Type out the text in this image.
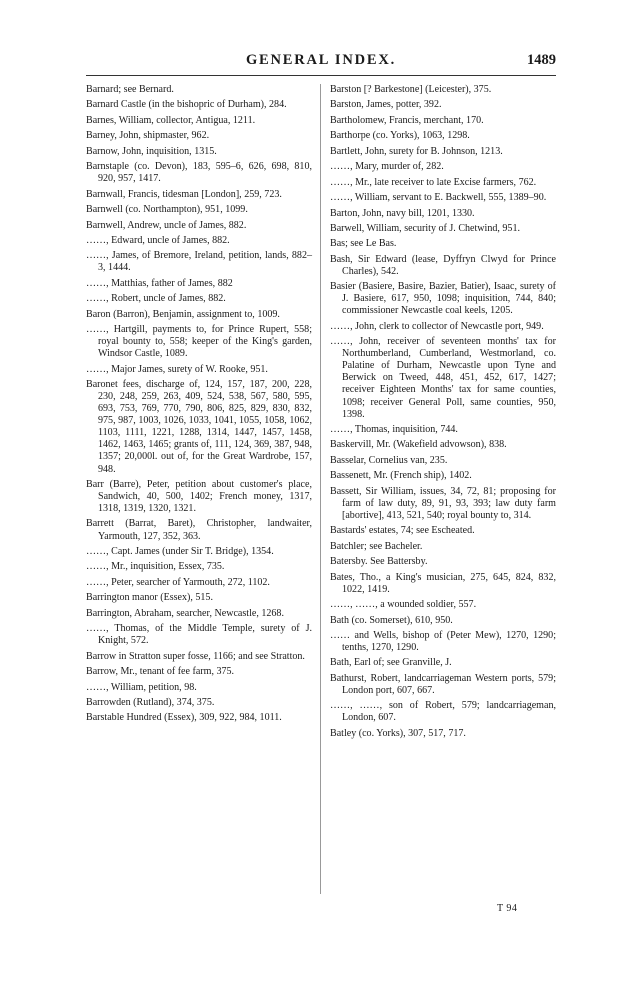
GENERAL INDEX.	1489
Barnard; see Bernard.
Barnard Castle (in the bishopric of Durham), 284.
Barnes, William, collector, Antigua, 1211.
Barney, John, shipmaster, 962.
Barnow, John, inquisition, 1315.
Barnstaple (co. Devon), 183, 595–6, 626, 698, 810, 920, 957, 1417.
Barnwall, Francis, tidesman [London], 259, 723.
Barnwell (co. Northampton), 951, 1099.
Barnwell, Andrew, uncle of James, 882.
……, Edward, uncle of James, 882.
……, James, of Bremore, Ireland, petition, lands, 882–3, 1444.
……, Matthias, father of James, 882
……, Robert, uncle of James, 882.
Baron (Barron), Benjamin, assignment to, 1009.
……, Hartgill, payments to, for Prince Rupert, 558; royal bounty to, 558; keeper of the King's garden, Windsor Castle, 1089.
……, Major James, surety of W. Rooke, 951.
Baronet fees, discharge of, 124, 157, 187, 200, 228, 230, 248, 259, 263, 409, 524, 538, 567, 580, 595, 693, 753, 769, 770, 790, 806, 825, 829, 830, 832, 975, 987, 1003, 1026, 1033, 1041, 1055, 1058, 1062, 1103, 1111, 1221, 1288, 1314, 1447, 1457, 1458, 1462, 1463, 1465; grants of, 111, 124, 369, 387, 948, 1357; 20,000l. out of, for the Great Wardrobe, 157, 948.
Barr (Barre), Peter, petition about customer's place, Sandwich, 40, 500, 1402; French money, 1317, 1318, 1319, 1320, 1321.
Barrett (Barrat, Baret), Christopher, landwaiter, Yarmouth, 127, 352, 363.
……, Capt. James (under Sir T. Bridge), 1354.
……, Mr., inquisition, Essex, 735.
……, Peter, searcher of Yarmouth, 272, 1102.
Barrington manor (Essex), 515.
Barrington, Abraham, searcher, Newcastle, 1268.
……, Thomas, of the Middle Temple, surety of J. Knight, 572.
Barrow in Stratton super fosse, 1166; and see Stratton.
Barrow, Mr., tenant of fee farm, 375.
……, William, petition, 98.
Barrowden (Rutland), 374, 375.
Barstable Hundred (Essex), 309, 922, 984, 1011.
Barston [? Barkestone] (Leicester), 375.
Barston, James, potter, 392.
Bartholomew, Francis, merchant, 170.
Barthorpe (co. Yorks), 1063, 1298.
Bartlett, John, surety for B. Johnson, 1213.
……, Mary, murder of, 282.
……, Mr., late receiver to late Excise farmers, 762.
……, William, servant to E. Backwell, 555, 1389–90.
Barton, John, navy bill, 1201, 1330.
Barwell, William, security of J. Chetwind, 951.
Bas; see Le Bas.
Bash, Sir Edward (lease, Dyffryn Clwyd for Prince Charles), 542.
Basier (Basiere, Basire, Bazier, Batier), Isaac, surety of J. Basiere, 617, 950, 1098; inquisition, 744, 840; commissioner Newcastle coal keels, 1205.
……, John, clerk to collector of Newcastle port, 949.
……, John, receiver of seventeen months' tax for Northumberland, Cumberland, Westmorland, co. Palatine of Durham, Newcastle upon Tyne and Berwick on Tweed, 448, 451, 452, 617, 1427; receiver Eighteen Months' tax for same counties, 1098; receiver General Poll, same counties, 950, 1398.
……, Thomas, inquisition, 744.
Baskervill, Mr. (Wakefield advowson), 838.
Basselar, Cornelius van, 235.
Bassenett, Mr. (French ship), 1402.
Bassett, Sir William, issues, 34, 72, 81; proposing for farm of law duty, 89, 91, 93, 393; law duty farm [abortive], 413, 521, 540; royal bounty to, 314.
Bastards' estates, 74; see Escheated.
Batchler; see Bacheler.
Batersby. See Battersby.
Bates, Tho., a King's musician, 275, 645, 824, 832, 1022, 1419.
……, ……, a wounded soldier, 557.
Bath (co. Somerset), 610, 950.
…… and Wells, bishop of (Peter Mew), 1270, 1290; tenths, 1270, 1290.
Bath, Earl of; see Granville, J.
Bathurst, Robert, landcarriageman Western ports, 579; London port, 607, 667.
……, ……, son of Robert, 579; landcarriageman, London, 607.
Batley (co. Yorks), 307, 517, 717.
T 94
